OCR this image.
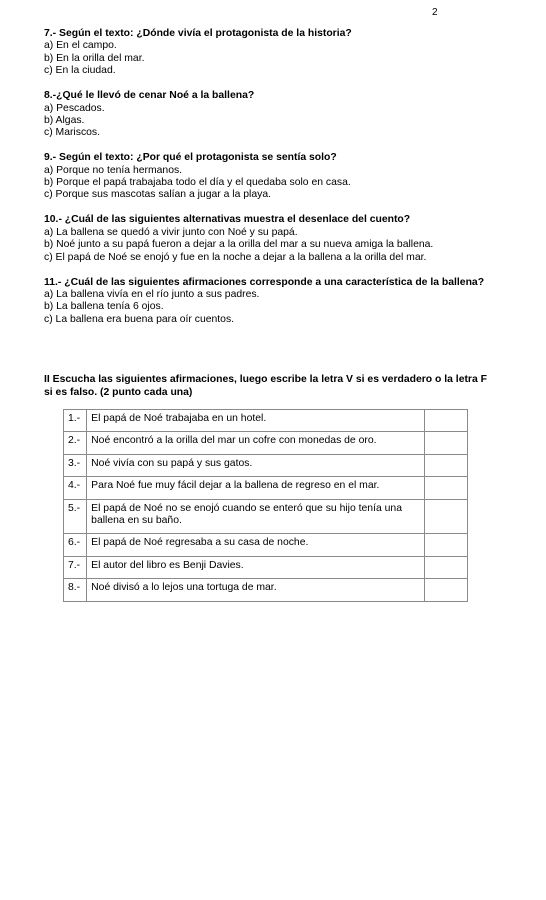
2
7.- Según el texto: ¿Dónde vivía el protagonista de la historia?
a) En el campo.
b) En la orilla del mar.
c) En la ciudad.
8.-¿Qué le llevó de cenar Noé a la ballena?
a) Pescados.
b) Algas.
c) Mariscos.
9.- Según el texto: ¿Por qué el protagonista se sentía solo?
a) Porque no tenía hermanos.
b) Porque el papá trabajaba todo el día y el quedaba solo en casa.
c) Porque sus mascotas salían a jugar a la playa.
10.- ¿Cuál de las siguientes alternativas muestra el desenlace del cuento?
a) La ballena se quedó a vivir junto con Noé y su papá.
b) Noé junto a su papá fueron a dejar a la orilla del mar a su nueva amiga la ballena.
c) El papá de Noé se enojó y fue en la noche a dejar a la ballena a la orilla del mar.
11.- ¿Cuál de las siguientes afirmaciones corresponde a una característica de la ballena?
a) La ballena vivía en el río junto a sus padres.
b) La ballena tenía 6 ojos.
c) La ballena era buena para oír cuentos.
II Escucha las siguientes afirmaciones, luego escribe la letra V si es verdadero o la letra F si es falso. (2 punto cada una)
1.-	El papá de Noé trabajaba en un hotel.	
2.-	Noé encontró a la orilla del mar un cofre con monedas de oro.	
3.-	Noé vivía con su papá y sus gatos.	
4.-	Para Noé fue muy fácil dejar a la ballena de regreso en el mar.	
5.-	El papá de Noé no se enojó cuando se enteró que su hijo tenía una ballena en su baño.	
6.-	El papá de Noé regresaba a su casa de noche.	
7.-	El autor del libro es Benji Davies.	
8.-	Noé divisó a lo lejos una tortuga de mar.	
